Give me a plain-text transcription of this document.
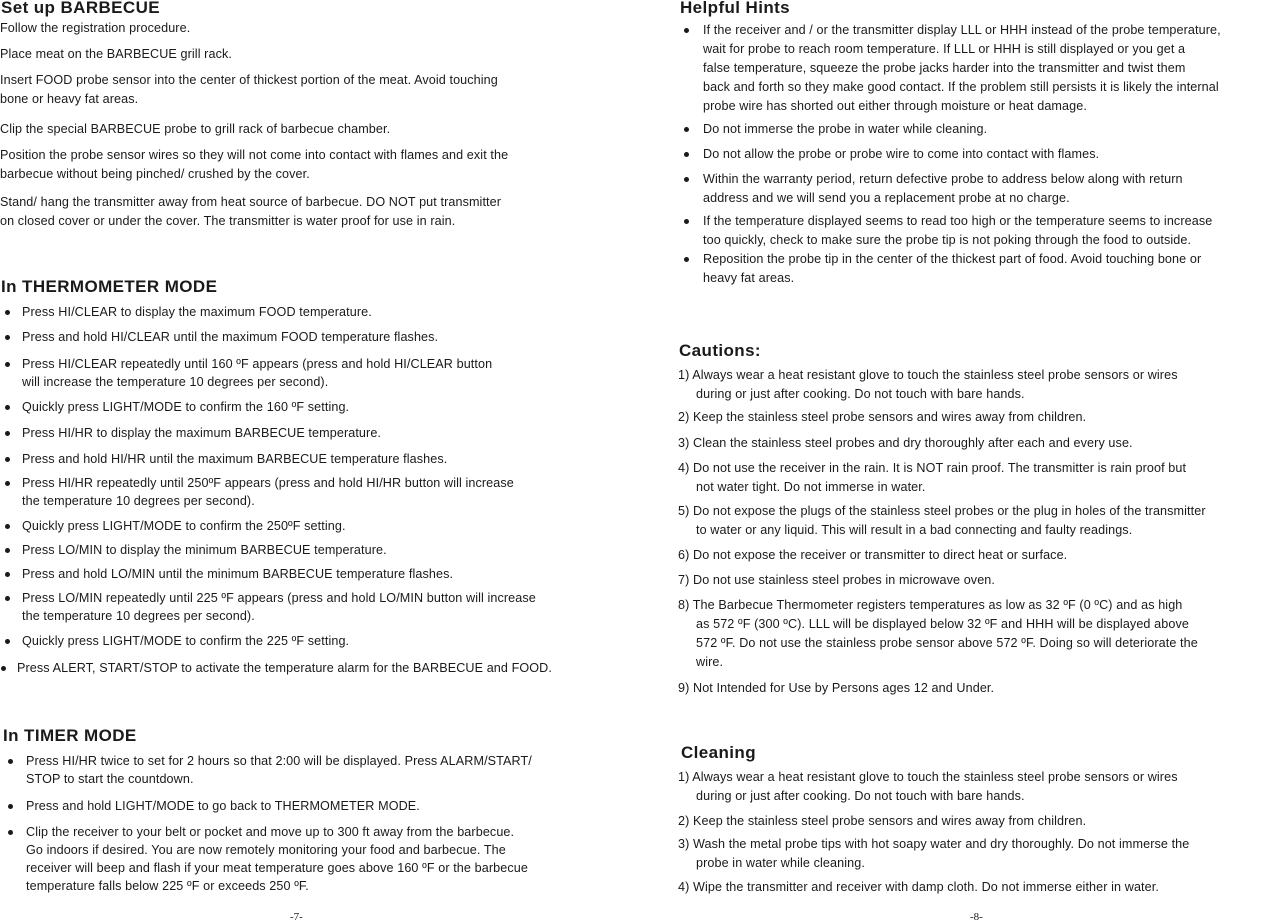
Set up BARBECUE
Follow the registration procedure.
Place meat on the BARBECUE grill rack.
Insert FOOD probe sensor into the center of thickest portion of the meat. Avoid touching
bone or heavy fat areas.
Clip the special BARBECUE probe to grill rack of barbecue chamber.
Position the probe sensor wires so they will not come into contact with flames and exit the
barbecue without being pinched/ crushed by the cover.
Stand/ hang the transmitter away from heat source of barbecue. DO NOT put transmitter
on closed cover or under the cover. The transmitter is water proof for use in rain.
In THERMOMETER MODE
Press HI/CLEAR to display the maximum FOOD temperature.
Press and hold HI/CLEAR until the maximum FOOD temperature flashes.
Press HI/CLEAR repeatedly until 160 ºF appears (press and hold HI/CLEAR button
will increase the temperature 10 degrees per second).
Quickly press LIGHT/MODE to confirm the 160 ºF setting.
Press HI/HR to display the maximum BARBECUE temperature.
Press and hold HI/HR until the maximum BARBECUE temperature flashes.
Press HI/HR repeatedly until 250ºF appears (press and hold HI/HR button will increase
the temperature 10 degrees per second).
Quickly press LIGHT/MODE to confirm the 250ºF setting.
Press LO/MIN to display the minimum BARBECUE temperature.
Press and hold LO/MIN until the minimum BARBECUE temperature flashes.
Press LO/MIN repeatedly until 225 ºF appears (press and hold LO/MIN button will increase
the temperature 10 degrees per second).
Quickly press LIGHT/MODE to confirm the 225 ºF setting.
Press ALERT, START/STOP to activate the temperature alarm for the BARBECUE and FOOD.
In TIMER MODE
Press HI/HR twice to set for 2 hours so that 2:00 will be displayed. Press ALARM/START/
STOP to start the countdown.
Press and hold LIGHT/MODE to go back to THERMOMETER MODE.
Clip the receiver to your belt or pocket and move up to 300 ft away from the barbecue.
Go indoors if desired. You are now remotely monitoring your food and barbecue. The
receiver will beep and flash if your meat temperature goes above 160 ºF or the barbecue
temperature falls below 225 ºF or exceeds 250 ºF.
-7-
Helpful Hints
If the receiver and / or the transmitter display LLL or HHH instead of the probe temperature,
wait for probe to reach room temperature. If LLL or HHH is still displayed or you get a
false temperature, squeeze the probe jacks harder into the transmitter and twist them
back and forth so they make good contact. If the problem still persists it is likely the internal
probe wire has shorted out either through moisture or heat damage.
Do not immerse the probe in water while cleaning.
Do not allow the probe or probe wire to come into contact with flames.
Within the warranty period, return defective probe to address below along with return
address and we will send you a replacement probe at no charge.
If the temperature displayed seems to read too high or the temperature seems to increase
too quickly, check to make sure the probe tip is not poking through the food to outside.
Reposition the probe tip in the center of the thickest part of food. Avoid touching bone or
heavy fat areas.
Cautions:
1) Always wear a heat resistant glove to touch the stainless steel probe sensors or wires
during or just after cooking. Do not touch with bare hands.
2) Keep the stainless steel probe sensors and wires away from children.
3) Clean the stainless steel probes and dry thoroughly after each and every use.
4) Do not use the receiver in the rain. It is NOT rain proof. The transmitter is rain proof but
not water tight. Do not immerse in water.
5) Do not expose the plugs of the stainless steel probes or the plug in holes of the transmitter
to water or any liquid. This will result in a bad connecting and faulty readings.
6) Do not expose the receiver or transmitter to direct heat or surface.
7) Do not use stainless steel probes in microwave oven.
8) The Barbecue Thermometer registers temperatures as low as 32 ºF (0 ºC) and as high
as 572 ºF (300 ºC). LLL will be displayed below 32 ºF and HHH will be displayed above
572 ºF. Do not use the stainless probe sensor above 572 ºF. Doing so will deteriorate the
wire.
9) Not Intended for Use by Persons ages 12 and Under.
Cleaning
1) Always wear a heat resistant glove to touch the stainless steel probe sensors or wires
during or just after cooking. Do not touch with bare hands.
2) Keep the stainless steel probe sensors and wires away from children.
3) Wash the metal probe tips with hot soapy water and dry thoroughly. Do not immerse the
probe in water while cleaning.
4) Wipe the transmitter and receiver with damp cloth. Do not immerse either in water.
-8-
